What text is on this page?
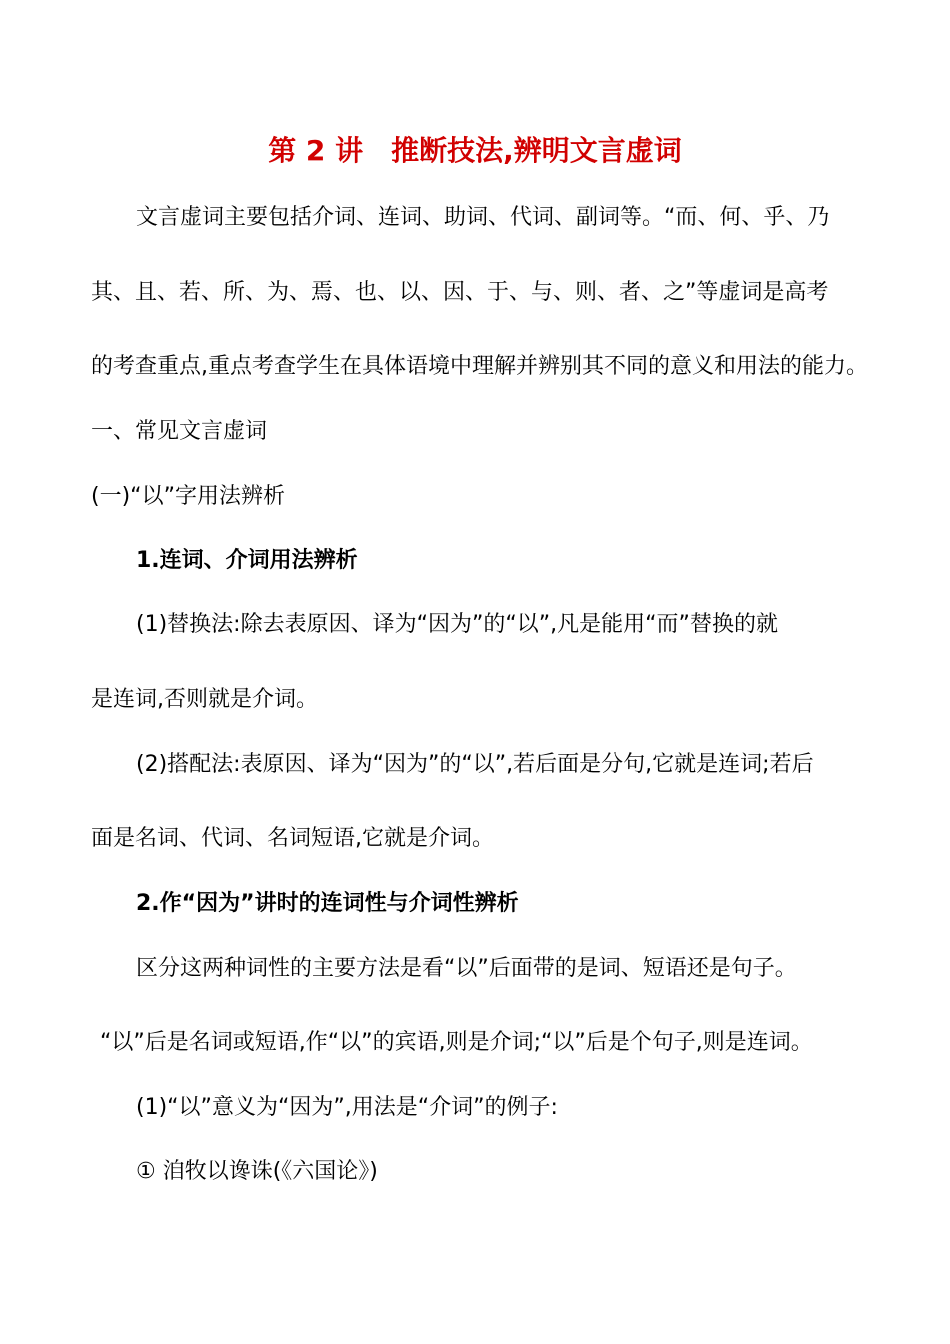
第 2 讲　推断技法,辨明文言虚词
文言虚词主要包括介词、连词、助词、代词、副词等。“而、何、乎、乃
其、且、若、所、为、焉、也、以、因、于、与、则、者、之”等虚词是高考
的考查重点,重点考查学生在具体语境中理解并辨别其不同的意义和用法的能力。
一、常见文言虚词
(一)“以”字用法辨析
1.连词、介词用法辨析
(1)替换法:除去表原因、译为“因为”的“以”,凡是能用“而”替换的就
是连词,否则就是介词。
(2)搭配法:表原因、译为“因为”的“以”,若后面是分句,它就是连词;若后
面是名词、代词、名词短语,它就是介词。
2.作“因为”讲时的连词性与介词性辨析
区分这两种词性的主要方法是看“以”后面带的是词、短语还是句子。
“以”后是名词或短语,作“以”的宾语,则是介词;“以”后是个句子,则是连词。
(1)“以”意义为“因为”,用法是“介词”的例子:
① 洎牧以谗诛(《六国论》)
